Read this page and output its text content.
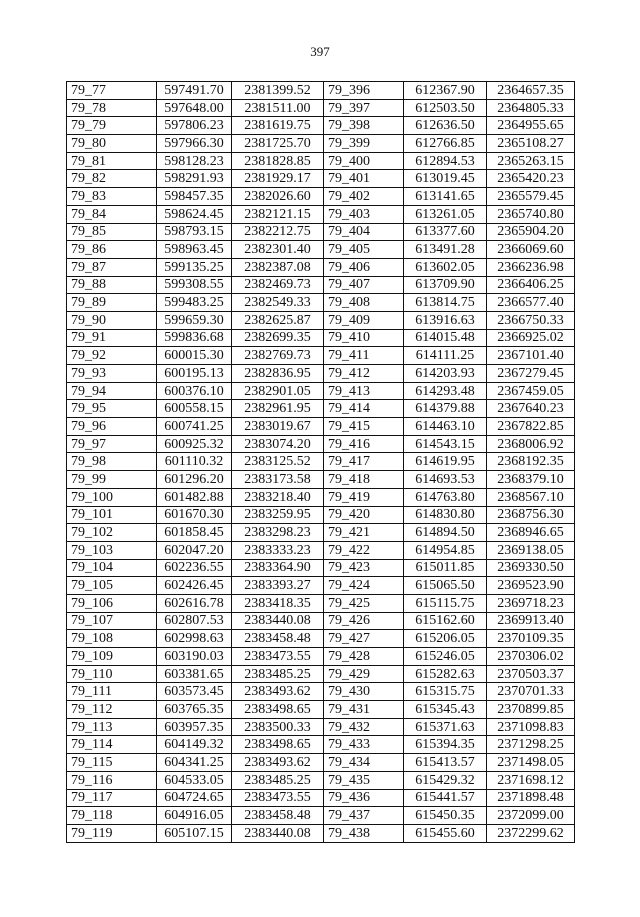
397
79_77	597491.70	2381399.52	79_396	612367.90	2364657.35
79_78	597648.00	2381511.00	79_397	612503.50	2364805.33
79_79	597806.23	2381619.75	79_398	612636.50	2364955.65
79_80	597966.30	2381725.70	79_399	612766.85	2365108.27
79_81	598128.23	2381828.85	79_400	612894.53	2365263.15
79_82	598291.93	2381929.17	79_401	613019.45	2365420.23
79_83	598457.35	2382026.60	79_402	613141.65	2365579.45
79_84	598624.45	2382121.15	79_403	613261.05	2365740.80
79_85	598793.15	2382212.75	79_404	613377.60	2365904.20
79_86	598963.45	2382301.40	79_405	613491.28	2366069.60
79_87	599135.25	2382387.08	79_406	613602.05	2366236.98
79_88	599308.55	2382469.73	79_407	613709.90	2366406.25
79_89	599483.25	2382549.33	79_408	613814.75	2366577.40
79_90	599659.30	2382625.87	79_409	613916.63	2366750.33
79_91	599836.68	2382699.35	79_410	614015.48	2366925.02
79_92	600015.30	2382769.73	79_411	614111.25	2367101.40
79_93	600195.13	2382836.95	79_412	614203.93	2367279.45
79_94	600376.10	2382901.05	79_413	614293.48	2367459.05
79_95	600558.15	2382961.95	79_414	614379.88	2367640.23
79_96	600741.25	2383019.67	79_415	614463.10	2367822.85
79_97	600925.32	2383074.20	79_416	614543.15	2368006.92
79_98	601110.32	2383125.52	79_417	614619.95	2368192.35
79_99	601296.20	2383173.58	79_418	614693.53	2368379.10
79_100	601482.88	2383218.40	79_419	614763.80	2368567.10
79_101	601670.30	2383259.95	79_420	614830.80	2368756.30
79_102	601858.45	2383298.23	79_421	614894.50	2368946.65
79_103	602047.20	2383333.23	79_422	614954.85	2369138.05
79_104	602236.55	2383364.90	79_423	615011.85	2369330.50
79_105	602426.45	2383393.27	79_424	615065.50	2369523.90
79_106	602616.78	2383418.35	79_425	615115.75	2369718.23
79_107	602807.53	2383440.08	79_426	615162.60	2369913.40
79_108	602998.63	2383458.48	79_427	615206.05	2370109.35
79_109	603190.03	2383473.55	79_428	615246.05	2370306.02
79_110	603381.65	2383485.25	79_429	615282.63	2370503.37
79_111	603573.45	2383493.62	79_430	615315.75	2370701.33
79_112	603765.35	2383498.65	79_431	615345.43	2370899.85
79_113	603957.35	2383500.33	79_432	615371.63	2371098.83
79_114	604149.32	2383498.65	79_433	615394.35	2371298.25
79_115	604341.25	2383493.62	79_434	615413.57	2371498.05
79_116	604533.05	2383485.25	79_435	615429.32	2371698.12
79_117	604724.65	2383473.55	79_436	615441.57	2371898.48
79_118	604916.05	2383458.48	79_437	615450.35	2372099.00
79_119	605107.15	2383440.08	79_438	615455.60	2372299.62
